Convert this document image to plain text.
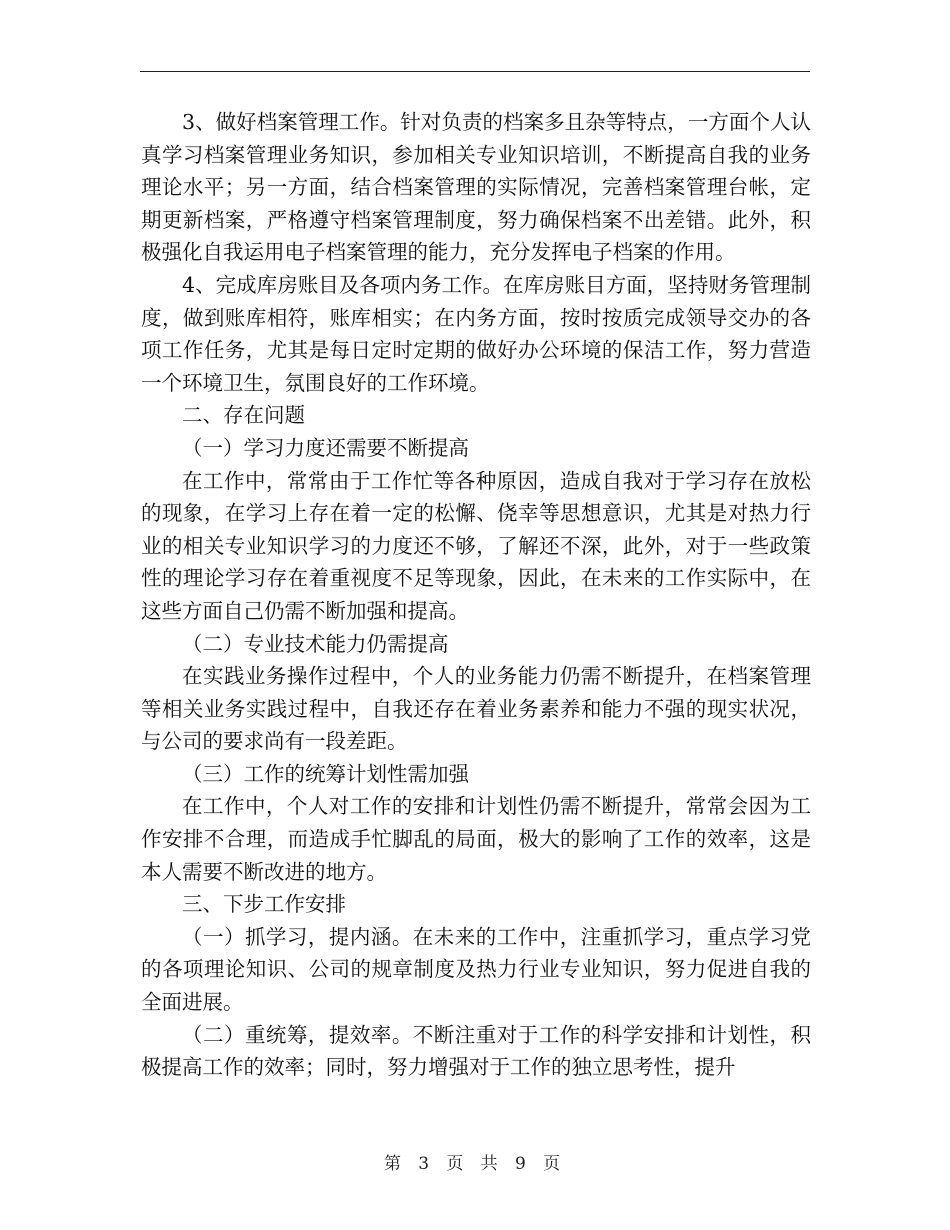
3、做好档案管理工作。针对负责的档案多且杂等特点，一方面个人认真学习档案管理业务知识，参加相关专业知识培训，不断提高自我的业务理论水平；另一方面，结合档案管理的实际情况，完善档案管理台帐，定期更新档案，严格遵守档案管理制度，努力确保档案不出差错。此外，积极强化自我运用电子档案管理的能力，充分发挥电子档案的作用。

4、完成库房账目及各项内务工作。在库房账目方面，坚持财务管理制度，做到账库相符，账库相实；在内务方面，按时按质完成领导交办的各项工作任务，尤其是每日定时定期的做好办公环境的保洁工作，努力营造一个环境卫生，氛围良好的工作环境。

二、存在问题

（一）学习力度还需要不断提高

在工作中，常常由于工作忙等各种原因，造成自我对于学习存在放松的现象，在学习上存在着一定的松懈、侥幸等思想意识，尤其是对热力行业的相关专业知识学习的力度还不够，了解还不深，此外，对于一些政策性的理论学习存在着重视度不足等现象，因此，在未来的工作实际中，在这些方面自己仍需不断加强和提高。

（二）专业技术能力仍需提高

在实践业务操作过程中，个人的业务能力仍需不断提升，在档案管理等相关业务实践过程中，自我还存在着业务素养和能力不强的现实状况，与公司的要求尚有一段差距。

（三）工作的统筹计划性需加强

在工作中，个人对工作的安排和计划性仍需不断提升，常常会因为工作安排不合理，而造成手忙脚乱的局面，极大的影响了工作的效率，这是本人需要不断改进的地方。

三、下步工作安排

（一）抓学习，提内涵。在未来的工作中，注重抓学习，重点学习党的各项理论知识、公司的规章制度及热力行业专业知识，努力促进自我的全面进展。

（二）重统筹，提效率。不断注重对于工作的科学安排和计划性，积极提高工作的效率；同时，努力增强对于工作的独立思考性，提升

第 3 页 共 9 页
